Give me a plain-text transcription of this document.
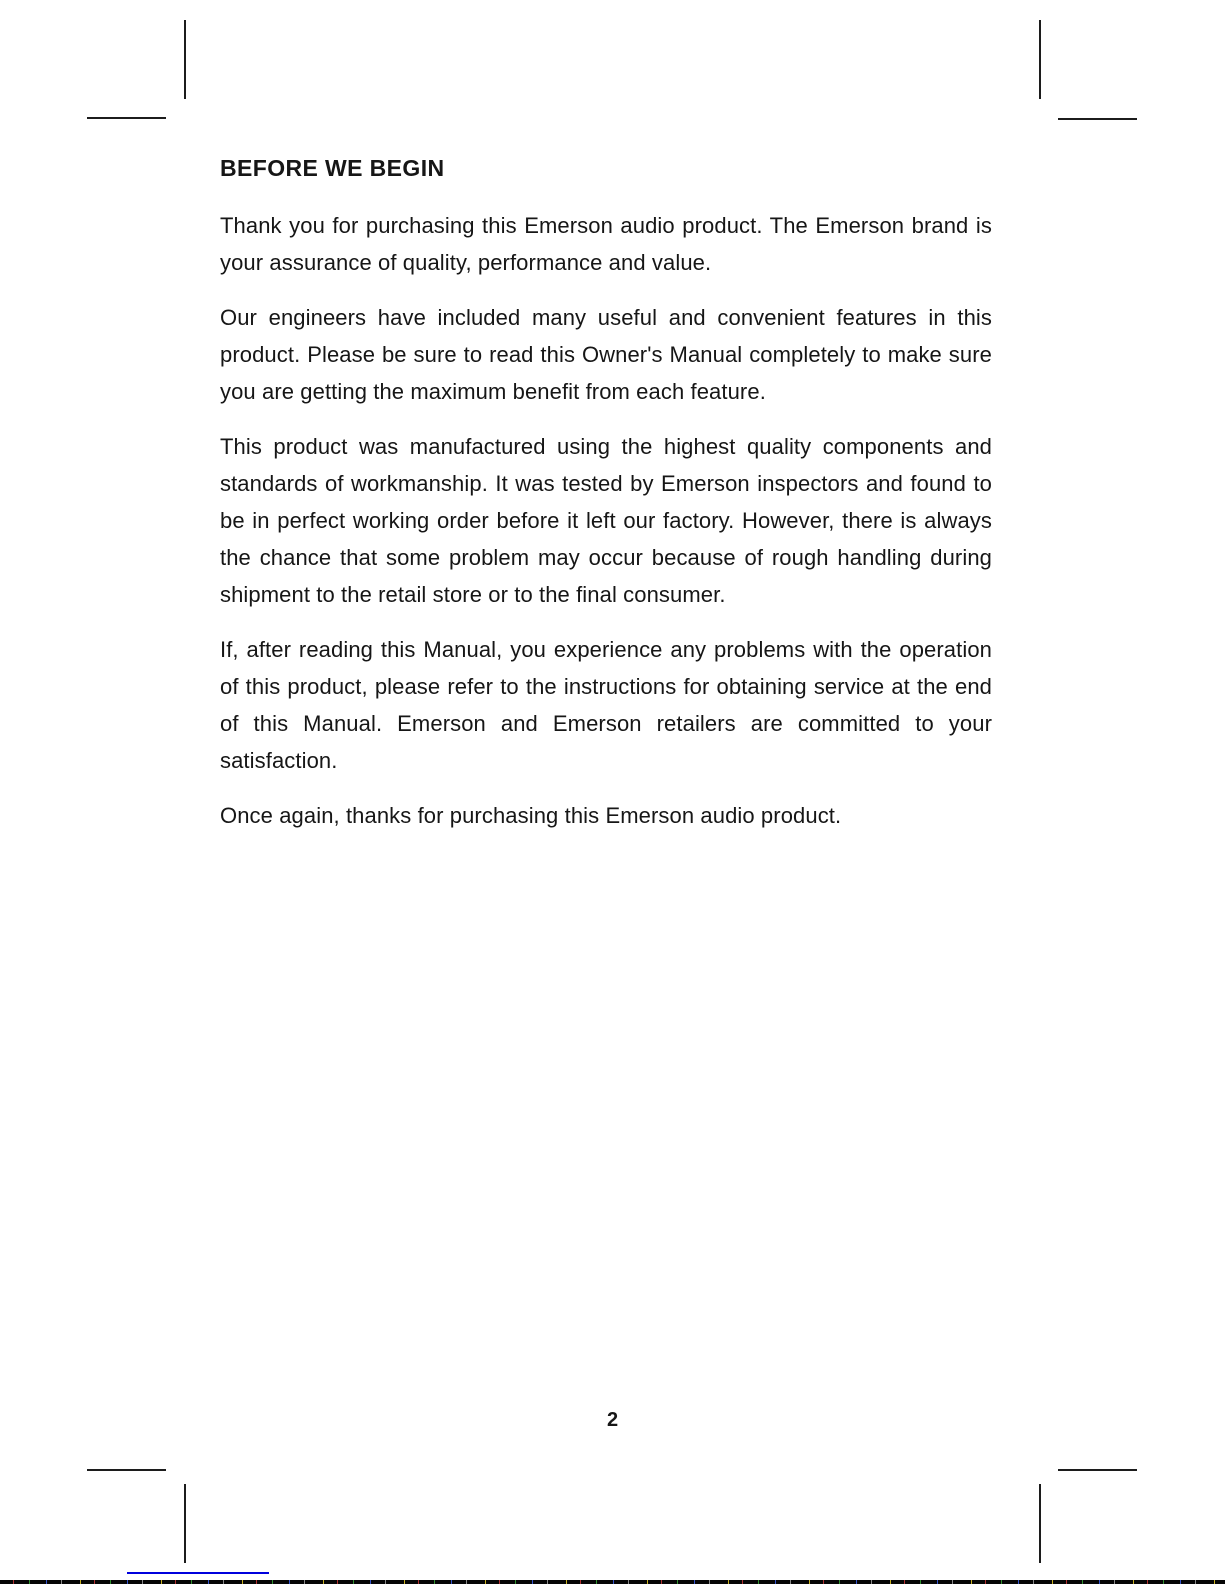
BEFORE WE BEGIN

Thank you for purchasing this Emerson audio product. The Emerson brand is your assurance of quality, performance and value.

Our engineers have included many useful and convenient features in this product. Please be sure to read this Owner's Manual completely to make sure you are getting the maximum benefit from each feature.

This product was manufactured using the highest quality components and standards of workmanship. It was tested by Emerson inspectors and found to be in perfect working order before it left our factory. However, there is always the chance that some problem may occur because of rough handling during shipment to the retail store or to the final consumer.

If, after reading this Manual, you experience any problems with the operation of this product, please refer to the instructions for obtaining service at the end of this Manual. Emerson and Emerson retailers are committed to your satisfaction.

Once again, thanks for purchasing this Emerson audio product.

2
